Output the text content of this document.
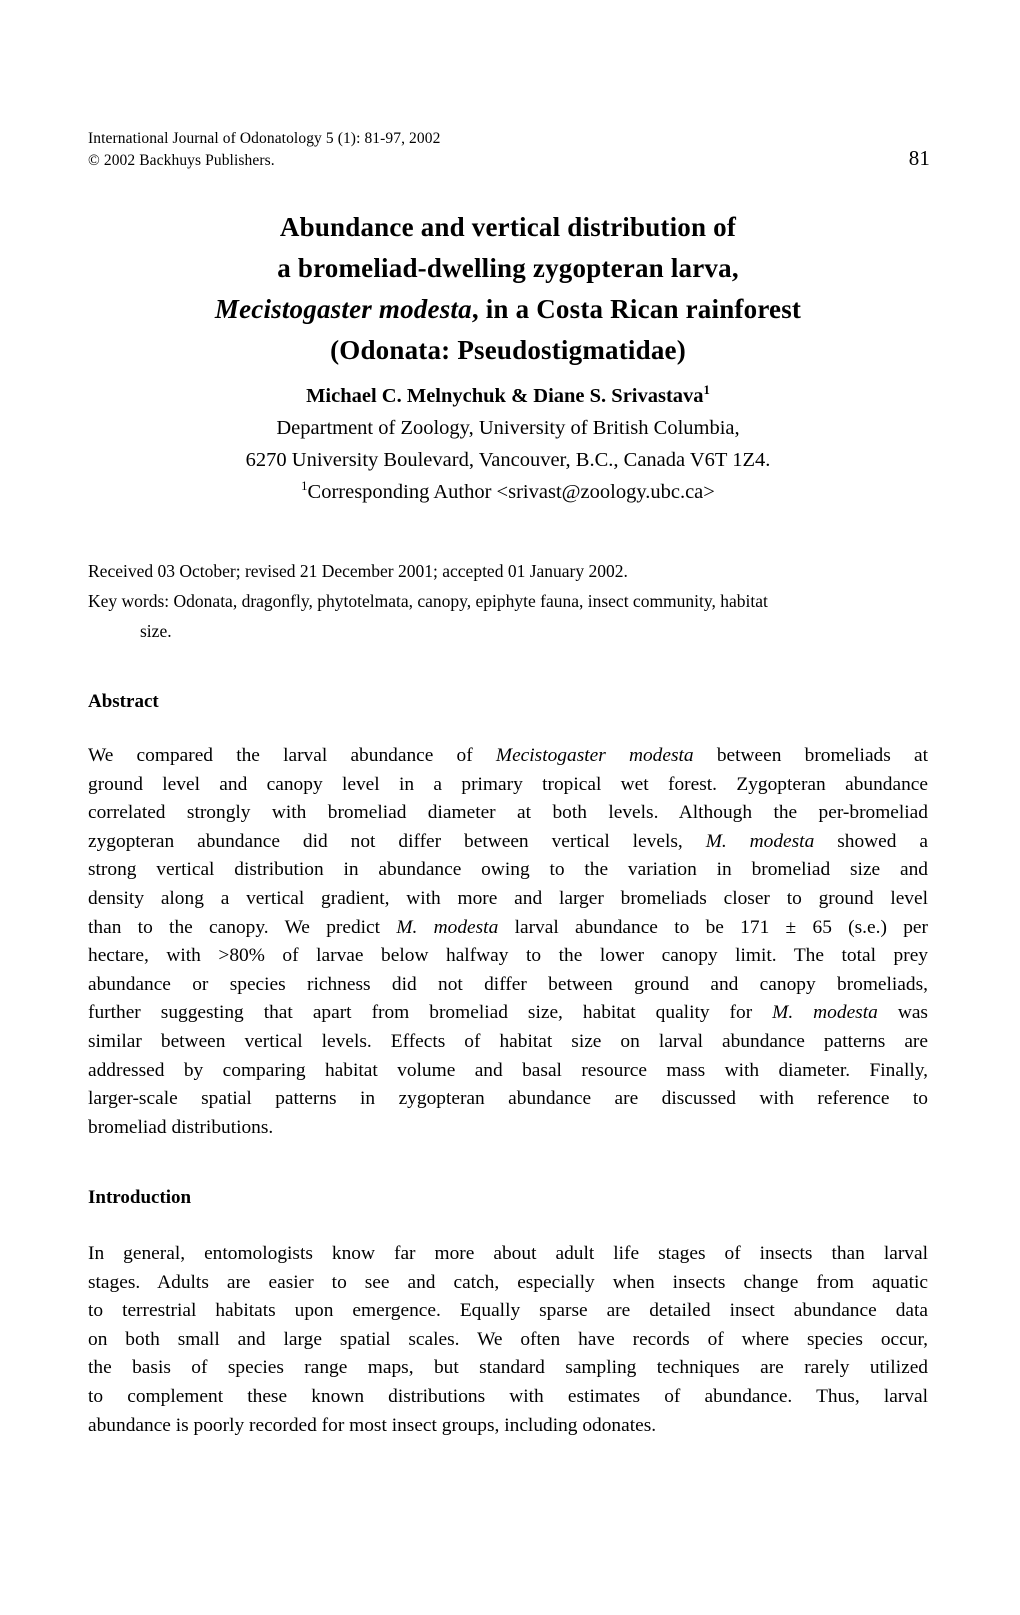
International Journal of Odonatology 5 (1): 81-97, 2002
© 2002 Backhuys Publishers.	81
Abundance and vertical distribution of
a bromeliad-dwelling zygopteran larva,
Mecistogaster modesta, in a Costa Rican rainforest
(Odonata: Pseudostigmatidae)
Michael C. Melnychuk & Diane S. Srivastava$^1$
Department of Zoology, University of British Columbia,
6270 University Boulevard, Vancouver, B.C., Canada V6T 1Z4.
$^1$Corresponding Author <srivast@zoology.ubc.ca>
Received 03 October; revised 21 December 2001; accepted 01 January 2002.
Key words: Odonata, dragonfly, phytotelmata, canopy, epiphyte fauna, insect community, habitat
size.
Abstract
We compared the larval abundance of Mecistogaster modesta between bromeliads at
ground level and canopy level in a primary tropical wet forest. Zygopteran abundance
correlated strongly with bromeliad diameter at both levels. Although the per-bromeliad
zygopteran abundance did not differ between vertical levels, M. modesta showed a
strong vertical distribution in abundance owing to the variation in bromeliad size and
density along a vertical gradient, with more and larger bromeliads closer to ground level
than to the canopy. We predict M. modesta larval abundance to be 171 ± 65 (s.e.) per
hectare, with >80% of larvae below halfway to the lower canopy limit. The total prey
abundance or species richness did not differ between ground and canopy bromeliads,
further suggesting that apart from bromeliad size, habitat quality for M. modesta was
similar between vertical levels. Effects of habitat size on larval abundance patterns are
addressed by comparing habitat volume and basal resource mass with diameter. Finally,
larger-scale spatial patterns in zygopteran abundance are discussed with reference to
bromeliad distributions.
Introduction
In general, entomologists know far more about adult life stages of insects than larval
stages. Adults are easier to see and catch, especially when insects change from aquatic
to terrestrial habitats upon emergence. Equally sparse are detailed insect abundance data
on both small and large spatial scales. We often have records of where species occur,
the basis of species range maps, but standard sampling techniques are rarely utilized
to complement these known distributions with estimates of abundance. Thus, larval
abundance is poorly recorded for most insect groups, including odonates.
